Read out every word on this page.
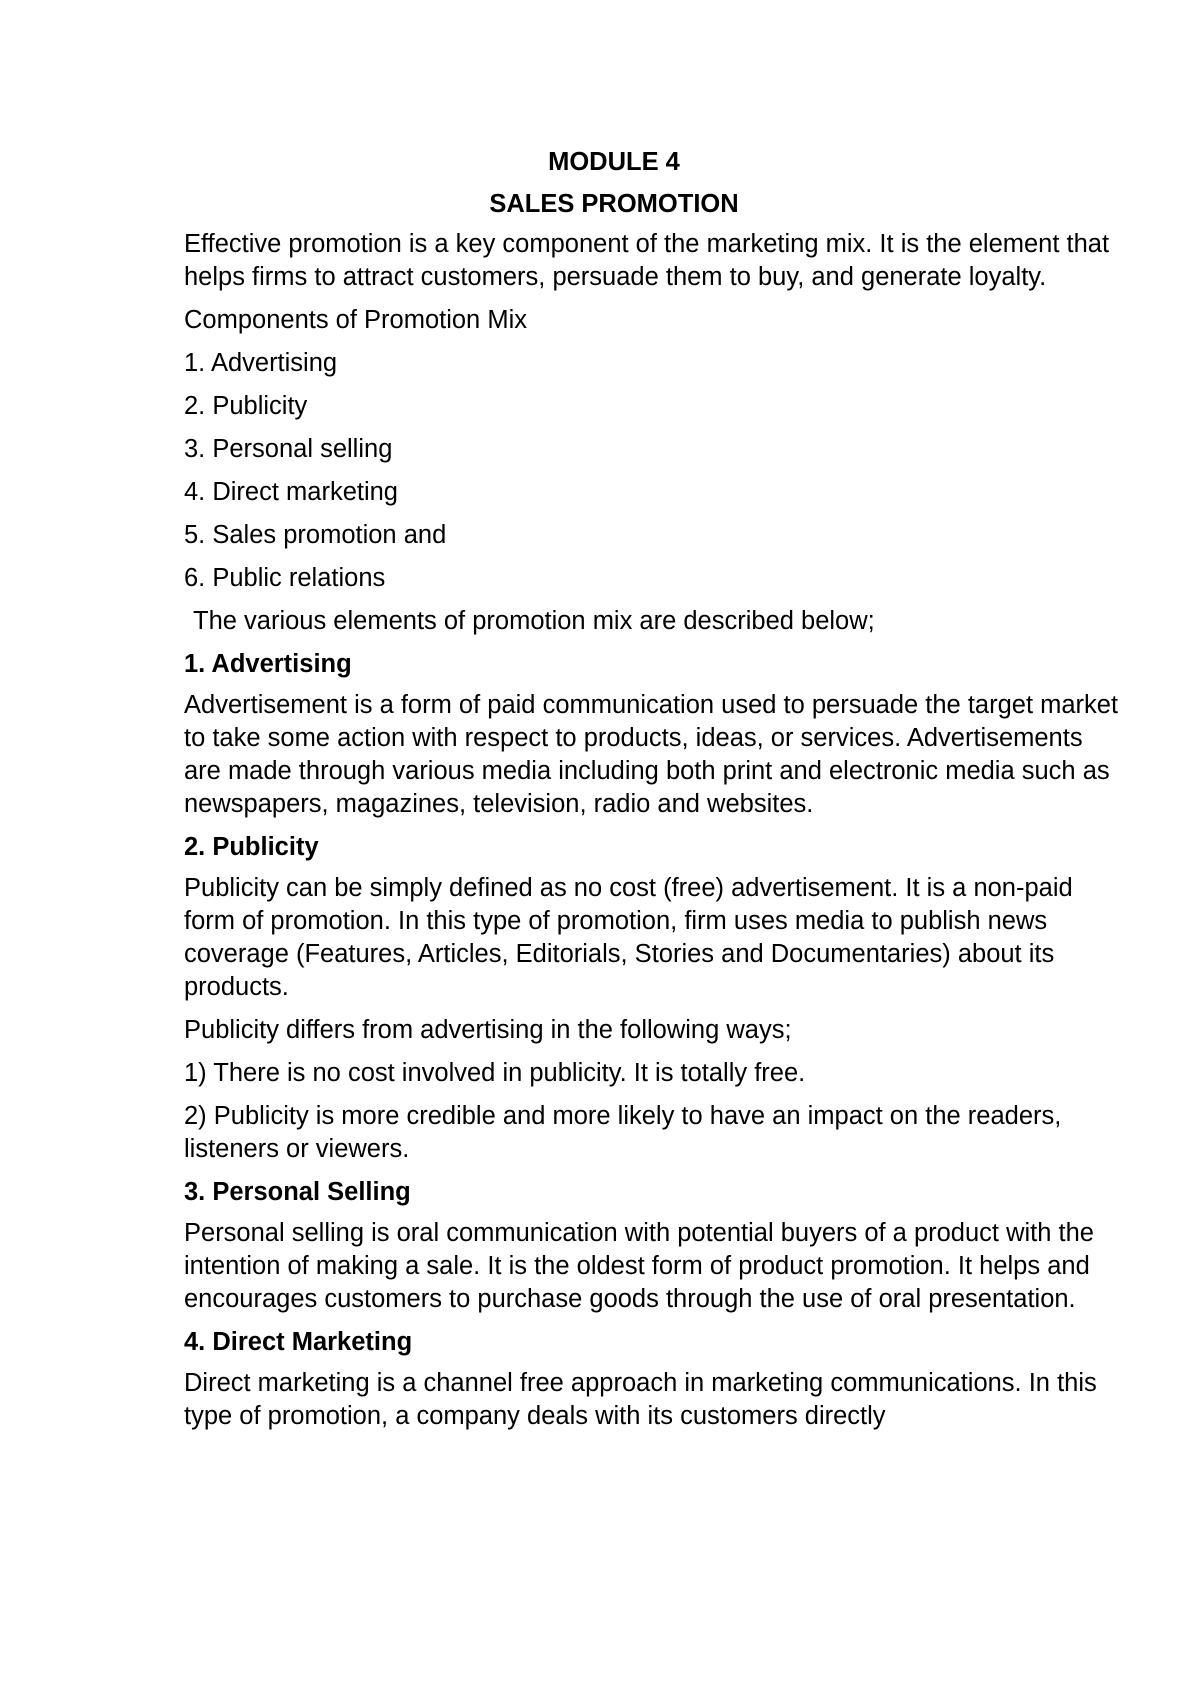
MODULE 4
SALES PROMOTION

Effective promotion is a key component of the marketing mix. It is the element that helps firms to attract customers, persuade them to buy, and generate loyalty.

Components of Promotion Mix

1. Advertising
2. Publicity
3. Personal selling
4. Direct marketing
5. Sales promotion and
6. Public relations

The various elements of promotion mix are described below;

1. Advertising

Advertisement is a form of paid communication used to persuade the target market to take some action with respect to products, ideas, or services. Advertisements are made through various media including both print and electronic media such as newspapers, magazines, television, radio and websites.

2. Publicity

Publicity can be simply defined as no cost (free) advertisement. It is a non-paid form of promotion. In this type of promotion, firm uses media to publish news coverage (Features, Articles, Editorials, Stories and Documentaries) about its products.

Publicity differs from advertising in the following ways;

1) There is no cost involved in publicity. It is totally free.

2) Publicity is more credible and more likely to have an impact on the readers, listeners or viewers.

3. Personal Selling

Personal selling is oral communication with potential buyers of a product with the intention of making a sale. It is the oldest form of product promotion. It helps and encourages customers to purchase goods through the use of oral presentation.

4. Direct Marketing

Direct marketing is a channel free approach in marketing communications. In this type of promotion, a company deals with its customers directly
